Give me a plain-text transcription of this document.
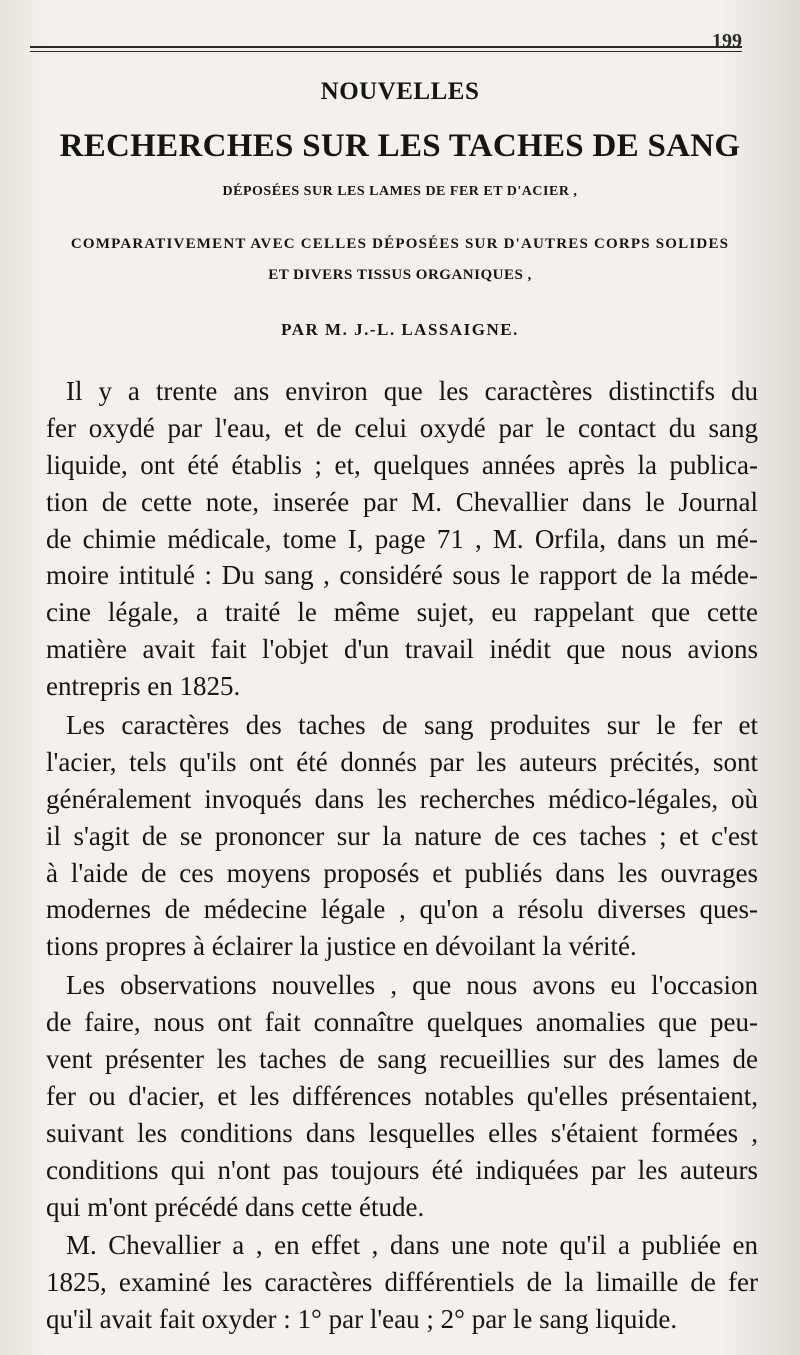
199
NOUVELLES
RECHERCHES SUR LES TACHES DE SANG
DÉPOSÉES SUR LES LAMES DE FER ET D'ACIER ,
COMPARATIVEMENT AVEC CELLES DÉPOSÉES SUR D'AUTRES CORPS SOLIDES
ET DIVERS TISSUS ORGANIQUES ,
PAR M. J.-L. LASSAIGNE.
Il y a trente ans environ que les caractères distinctifs du
fer oxydé par l'eau, et de celui oxydé par le contact du sang
liquide, ont été établis ; et, quelques années après la publica-
tion de cette note, inserée par M. Chevallier dans le Journal
de chimie médicale, tome I, page 71 , M. Orfila, dans un mé-
moire intitulé : Du sang , considéré sous le rapport de la méde-
cine légale, a traité le même sujet, eu rappelant que cette
matière avait fait l'objet d'un travail inédit que nous avions
entrepris en 1825.
Les caractères des taches de sang produites sur le fer et
l'acier, tels qu'ils ont été donnés par les auteurs précités, sont
généralement invoqués dans les recherches médico-légales, où
il s'agit de se prononcer sur la nature de ces taches ; et c'est
à l'aide de ces moyens proposés et publiés dans les ouvrages
modernes de médecine légale , qu'on a résolu diverses ques-
tions propres à éclairer la justice en dévoilant la vérité.
Les observations nouvelles , que nous avons eu l'occasion
de faire, nous ont fait connaître quelques anomalies que peu-
vent présenter les taches de sang recueillies sur des lames de
fer ou d'acier, et les différences notables qu'elles présentaient,
suivant les conditions dans lesquelles elles s'étaient formées ,
conditions qui n'ont pas toujours été indiquées par les auteurs
qui m'ont précédé dans cette étude.
M. Chevallier a , en effet , dans une note qu'il a publiée en
1825, examiné les caractères différentiels de la limaille de fer
qu'il avait fait oxyder : 1° par l'eau ; 2° par le sang liquide.
